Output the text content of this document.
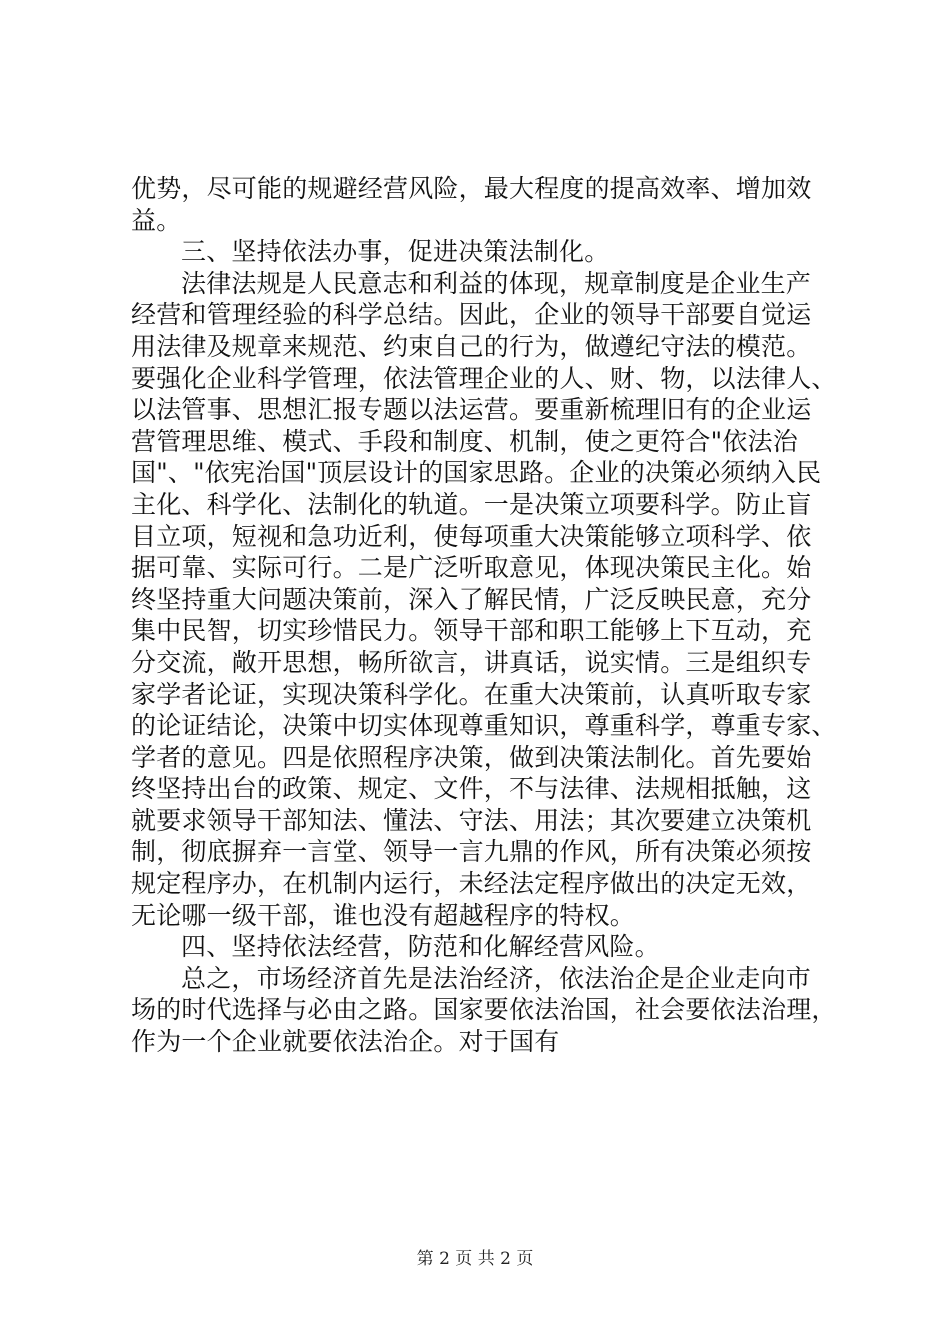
优势，尽可能的规避经营风险，最大程度的提高效率、增加效
益。
三、坚持依法办事，促进决策法制化。
法律法规是人民意志和利益的体现，规章制度是企业生产
经营和管理经验的科学总结。因此，企业的领导干部要自觉运
用法律及规章来规范、约束自己的行为，做遵纪守法的模范。
要强化企业科学管理，依法管理企业的人、财、物，以法律人、
以法管事、思想汇报专题以法运营。要重新梳理旧有的企业运
营管理思维、模式、手段和制度、机制，使之更符合"依法治
国"、"依宪治国"顶层设计的国家思路。企业的决策必须纳入民
主化、科学化、法制化的轨道。一是决策立项要科学。防止盲
目立项，短视和急功近利，使每项重大决策能够立项科学、依
据可靠、实际可行。二是广泛听取意见，体现决策民主化。始
终坚持重大问题决策前，深入了解民情，广泛反映民意，充分
集中民智，切实珍惜民力。领导干部和职工能够上下互动，充
分交流，敞开思想，畅所欲言，讲真话，说实情。三是组织专
家学者论证，实现决策科学化。在重大决策前，认真听取专家
的论证结论，决策中切实体现尊重知识，尊重科学，尊重专家、
学者的意见。四是依照程序决策，做到决策法制化。首先要始
终坚持出台的政策、规定、文件，不与法律、法规相抵触，这
就要求领导干部知法、懂法、守法、用法；其次要建立决策机
制，彻底摒弃一言堂、领导一言九鼎的作风，所有决策必须按
规定程序办，在机制内运行，未经法定程序做出的决定无效，
无论哪一级干部，谁也没有超越程序的特权。
四、坚持依法经营，防范和化解经营风险。
总之，市场经济首先是法治经济，依法治企是企业走向市
场的时代选择与必由之路。国家要依法治国，社会要依法治理，
作为一个企业就要依法治企。对于国有
第 2 页 共 2 页
